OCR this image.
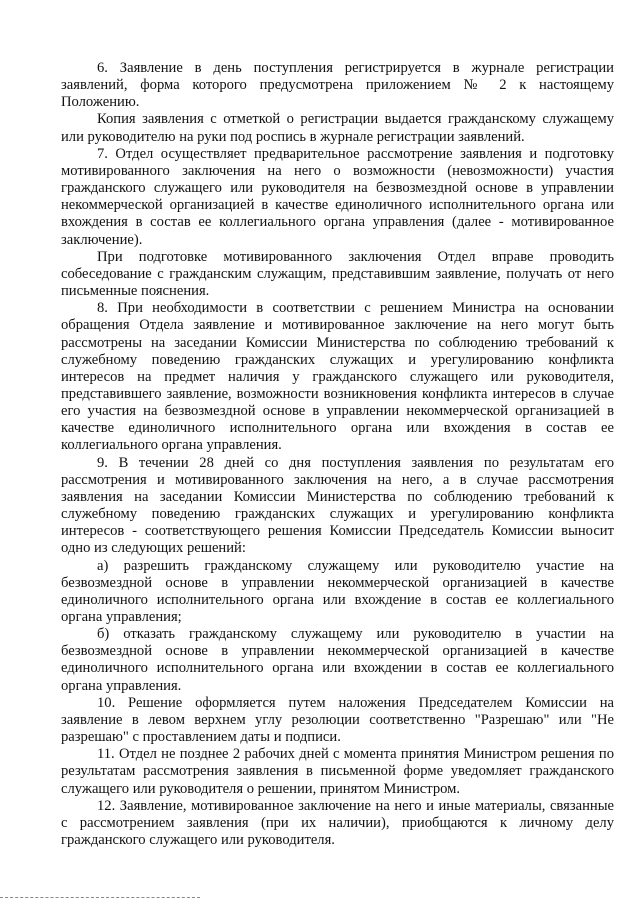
6. Заявление в день поступления регистрируется в журнале регистрации заявлений, форма которого предусмотрена приложением № 2 к настоящему Положению.

Копия заявления с отметкой о регистрации выдается гражданскому служащему или руководителю на руки под роспись в журнале регистрации заявлений.

7. Отдел осуществляет предварительное рассмотрение заявления и подготовку мотивированного заключения на него о возможности (невозможности) участия гражданского служащего или руководителя на безвозмездной основе в управлении некоммерческой организацией в качестве единоличного исполнительного органа или вхождения в состав ее коллегиального органа управления (далее - мотивированное заключение).

При подготовке мотивированного заключения Отдел вправе проводить собеседование с гражданским служащим, представившим заявление, получать от него письменные пояснения.

8. При необходимости в соответствии с решением Министра на основании обращения Отдела заявление и мотивированное заключение на него могут быть рассмотрены на заседании Комиссии Министерства по соблюдению требований к служебному поведению гражданских служащих и урегулированию конфликта интересов на предмет наличия у гражданского служащего или руководителя, представившего заявление, возможности возникновения конфликта интересов в случае его участия на безвозмездной основе в управлении некоммерческой организацией в качестве единоличного исполнительного органа или вхождения в состав ее коллегиального органа управления.

9. В течении 28 дней со дня поступления заявления по результатам его рассмотрения и мотивированного заключения на него, а в случае рассмотрения заявления на заседании Комиссии Министерства по соблюдению требований к служебному поведению гражданских служащих и урегулированию конфликта интересов - соответствующего решения Комиссии Председатель Комиссии выносит одно из следующих решений:

а) разрешить гражданскому служащему или руководителю участие на безвозмездной основе в управлении некоммерческой организацией в качестве единоличного исполнительного органа или вхождение в состав ее коллегиального органа управления;

б) отказать гражданскому служащему или руководителю в участии на безвозмездной основе в управлении некоммерческой организацией в качестве единоличного исполнительного органа или вхождении в состав ее коллегиального органа управления.

10. Решение оформляется путем наложения Председателем Комиссии на заявление в левом верхнем углу резолюции соответственно "Разрешаю" или "Не разрешаю" с проставлением даты и подписи.

11. Отдел не позднее 2 рабочих дней с момента принятия Министром решения по результатам рассмотрения заявления в письменной форме уведомляет гражданского служащего или руководителя о решении, принятом Министром.

12. Заявление, мотивированное заключение на него и иные материалы, связанные с рассмотрением заявления (при их наличии), приобщаются к личному делу гражданского служащего или руководителя.
